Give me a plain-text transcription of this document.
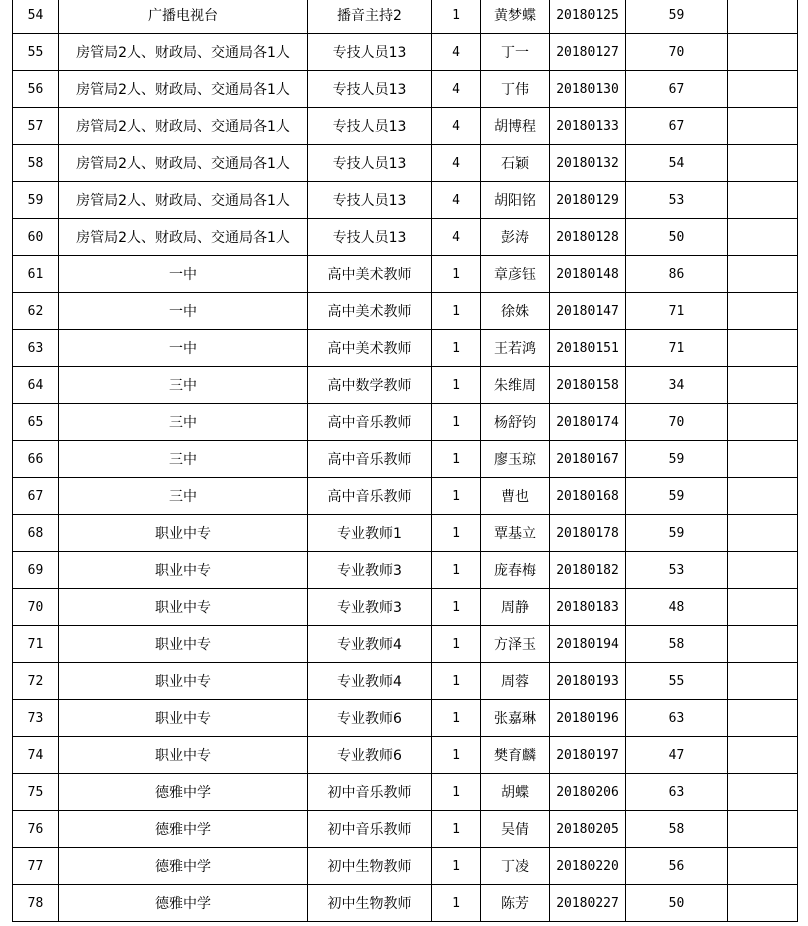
54	广播电视台	播音主持2	1	黄梦蝶	20180125	59	
55	房管局2人、财政局、交通局各1人	专技人员13	4	丁一	20180127	70	
56	房管局2人、财政局、交通局各1人	专技人员13	4	丁伟	20180130	67	
57	房管局2人、财政局、交通局各1人	专技人员13	4	胡博程	20180133	67	
58	房管局2人、财政局、交通局各1人	专技人员13	4	石颖	20180132	54	
59	房管局2人、财政局、交通局各1人	专技人员13	4	胡阳铭	20180129	53	
60	房管局2人、财政局、交通局各1人	专技人员13	4	彭涛	20180128	50	
61	一中	高中美术教师	1	章彦钰	20180148	86	
62	一中	高中美术教师	1	徐姝	20180147	71	
63	一中	高中美术教师	1	王若鸿	20180151	71	
64	三中	高中数学教师	1	朱维周	20180158	34	
65	三中	高中音乐教师	1	杨舒钧	20180174	70	
66	三中	高中音乐教师	1	廖玉琼	20180167	59	
67	三中	高中音乐教师	1	曹也	20180168	59	
68	职业中专	专业教师1	1	覃基立	20180178	59	
69	职业中专	专业教师3	1	庞春梅	20180182	53	
70	职业中专	专业教师3	1	周静	20180183	48	
71	职业中专	专业教师4	1	方泽玉	20180194	58	
72	职业中专	专业教师4	1	周蓉	20180193	55	
73	职业中专	专业教师6	1	张嘉琳	20180196	63	
74	职业中专	专业教师6	1	樊育麟	20180197	47	
75	德雅中学	初中音乐教师	1	胡蝶	20180206	63	
76	德雅中学	初中音乐教师	1	吴倩	20180205	58	
77	德雅中学	初中生物教师	1	丁凌	20180220	56	
78	德雅中学	初中生物教师	1	陈芳	20180227	50	
